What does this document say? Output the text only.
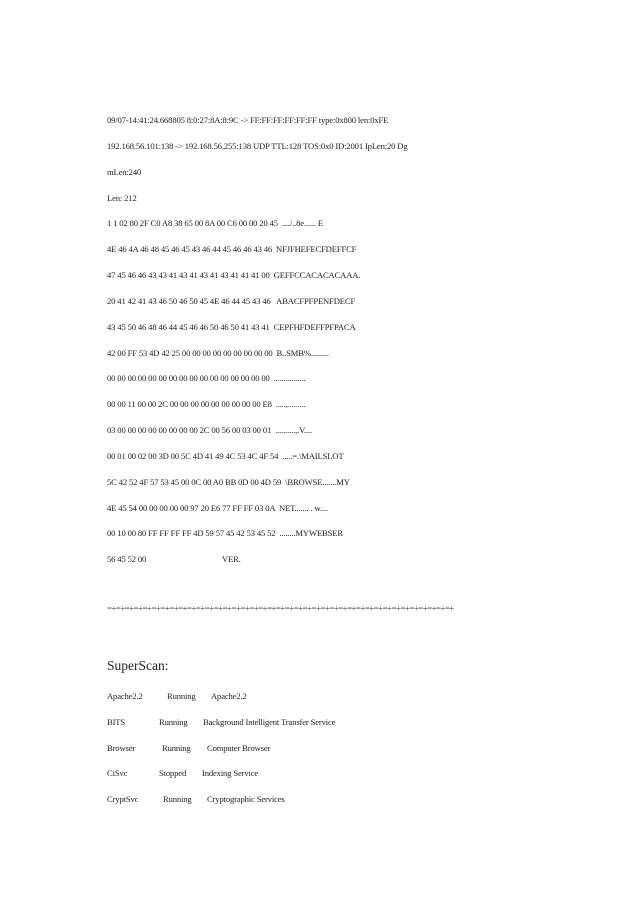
09/07-14:41:24.668805 8:0:27:8A:8:9C -> FF:FF:FF:FF:FF:FF type:0x800 len:0xFE
192.168.56.101:138 -> 192.168.56.255:138 UDP TTL:128 TOS:0x0 ID:2001 IpLen:20 Dg
mLen:240
Len: 212
1 1 02 80 2F C0 A8 38 65 00 8A 00 C6 00 00 20 45  ..../..8e...... E
4E 46 4A 46 48 45 46 45 43 46 44 45 46 46 43 46  NFJFHEFECFDEFFCF
47 45 46 46 43 43 41 43 41 43 41 43 41 41 41 00  GEFFCCACACACAAA.
20 41 42 41 43 46 50 46 50 45 4E 46 44 45 43 46   ABACFPFPENFDECF
43 45 50 46 48 46 44 45 46 46 50 46 50 41 43 41  CEPFHFDEFFPFPACA
42 00 FF 53 4D 42 25 00 00 00 00 00 00 00 00 00  B..SMB%.........
00 00 00 00 00 00 00 00 00 00 00 00 00 00 00 00  ................
00 00 11 00 00 2C 00 00 00 00 00 00 00 00 00 E8  .....,.........
03 00 00 00 00 00 00 00 00 2C 00 56 00 03 00 01  ..........,.V....
00 01 00 02 00 3D 00 5C 4D 41 49 4C 53 4C 4F 54  .....=.\MAILSLOT
5C 42 52 4F 57 53 45 00 0C 00 A0 BB 0D 00 4D 59  \BROWSE.......MY
4E 45 54 00 00 00 00 00 97 20 E6 77 FF FF 03 0A  NET....... . w....
00 10 00 80 FF FF FF FF 4D 59 57 45 42 53 45 52  ........MYWEBSER
56 45 52 00                                      VER.
=+=+=+=+=+=+=+=+=+=+=+=+=+=+=+=+=+=+=+=+=+=+=+=+=+=+=+=+=+=+=+=+=+=+=+=+=+=+=+
SuperScan:
Apache2.2	Running Apache2.2
BITS	Running Background Intelligent Transfer Service
Browser	Running Computer Browser
CiSvc	Stopped Indexing Service
CryptSvc	Running Cryptographic Services
